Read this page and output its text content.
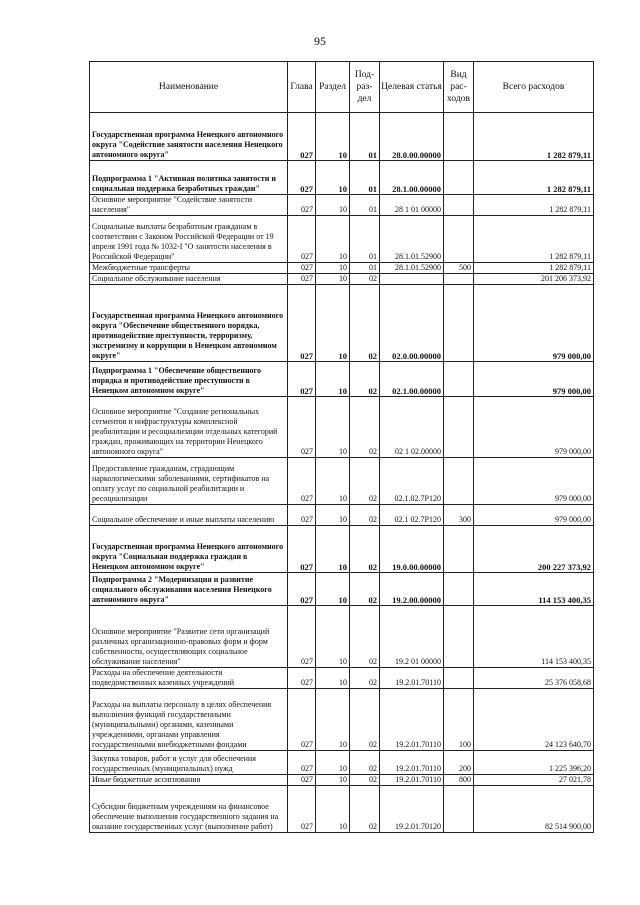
95
Наименование	Глава	Раздел	Под-раз-дел	Целевая статья	Вид рас-ходов	Всего расходов
Государственная программа Ненецкого автономного округа "Содействие занятости населения Ненецкого автономного округа"	027	10	01	28.0.00.00000		1 282 879,11
Подпрограмма 1 "Активная политика занятости и социальная поддержка безработных граждан"	027	10	01	28.1.00.00000		1 282 879,11
Основное мероприятие "Содействие занятости населения"	027	10	01	28 1 01 00000		1 282 879,11
Социальные выплаты безработным гражданам в соответствии с Законом Российской Федерации от 19 апреля 1991 года № 1032-I "О занятости населения в Российской Федерации"	027	10	01	28.1.01.52900		1 282 879,11
Межбюджетные трансферты	027	10	01	28.1.01.52900	500	1 282 879,11
Социальное обслуживание населения	027	10	02			201 206 373,92
Государственная программа Ненецкого автономного округа "Обеспечение общественного порядка, противодействие преступности, терроризму, экстремизму и коррупции в Ненецком автономном округе"	027	10	02	02.0.00.00000		979 000,00
Подпрограмма 1 "Обеспечение общественного порядка и противодействие преступности в Ненецком автономном округе"	027	10	02	02.1.00.00000		979 000,00
Основное мероприятие "Создание региональных сегментов и инфраструктуры комплексной реабилитации и ресоциализации отдельных категорий граждан, проживающих на территории Ненецкого автономного округа"	027	10	02	02 1 02.00000		979 000,00
Предоставление гражданам, страдающим наркологическими заболеваниями, сертификатов на оплату услуг по социальной реабилитации и ресоциализации	027	10	02	02.1.02.7Р120		979 000,00
Социальное обеспечение и иные выплаты населению	027	10	02	02.1 02.7Р120	300	979 000,00
Государственная программа Ненецкого автономного округа "Социальная поддержка граждан в Ненецком автономном округе"	027	10	02	19.0.00.00000		200 227 373,92
Подпрограмма 2 "Модернизация и развитие социального обслуживания населения Ненецкого автономного округа"	027	10	02	19.2.00.00000		114 153 400,35
Основное мероприятие "Развитие сети организаций различных организационно-правовых форм и форм собственности, осуществляющих социальное обслуживание населения"	027	10	02	19.2 01 00000		114 153 400,35
Расходы на обеспечение деятельности подведомственных казенных учреждений	027	10	02	19.2.01.70110		25 376 058,68
Расходы на выплаты персоналу в целях обеспечения выполнения функций государственными (муниципальными) органами, казенными учреждениями, органами управления государственными внебюджетными фондами	027	10	02	19.2.01.70110	100	24 123 640,70
Закупка товаров, работ и услуг для обеспечения государственных (муниципальных) нужд	027	10	02	19.2.01.70110	200	1 225 396,20
Иные бюджетные ассигнования	027	10	02	19.2.01.70110	800	27 021,78
Субсидии бюджетным учреждениям на финансовое обеспечение выполнения государственного задания на оказание государственных услуг (выполнение работ)	027	10	02	19.2.01.70120		82 514 900,00
